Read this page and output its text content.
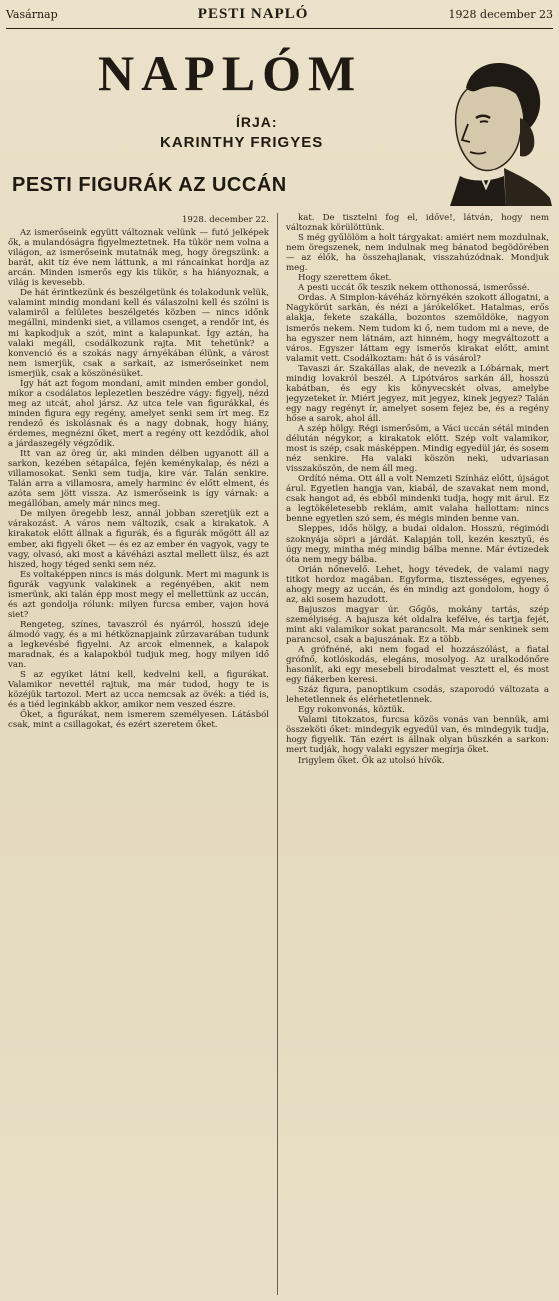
Vasárnap	PESTI NAPLÓ	1928 december 23
NAPLÓM
ÍRJA:
KARINTHY FRIGYES
PESTI FIGURÁK AZ UCCÁN
1928. december 22.

Az ismerőseink együtt változnak velünk — futó jelképek ők, a mulandóságra figyelmeztetnek. Ha tükör nem volna a világon, az ismerőseink mutatnák meg, hogy öregszünk: a barát, akit tíz éve nem láttunk, a mi ráncainkat hordja az arcán. Minden ismerős egy kis tükör, s ha hiányoznak, a világ is kevesebb.

De hát érintkezünk és beszélgetünk és tolakodunk velük, valamint mindig mondani kell és válaszolni kell és szólni is valamiről a felületes beszélgetés közben — nincs időnk megállni, mindenki siet, a villamos csenget, a rendőr int, és mi kapkodjuk a szót, mint a kalapunkat. Így aztán, ha valaki megáll, csodálkozunk rajta. Mit tehetünk? a konvenció és a szokás nagy árnyékában élünk, a várost nem ismerjük, csak a sarkait, az ismerőseinket nem ismerjük, csak a köszönésüket.

Így hát azt fogom mondani, amit minden ember gondol, mikor a csodálatos leplezetlen beszédre vágy: figyelj, nézd meg az utcát, ahol jársz. Az utca tele van figurákkal, és minden figura egy regény, amelyet senki sem írt meg. Ez rendező és iskolásnak és a nagy dobnak, hogy hiány, érdemes, megnézni őket, mert a regény ott kezdődik, ahol a járdaszegély végződik.

Itt van az öreg úr, aki minden délben ugyanott áll a sarkon, kezében sétapálca, fején keménykalap, és nézi a villamosokat. Senki sem tudja, kire vár. Talán senkire. Talán arra a villamosra, amely harminc év előtt elment, és azóta sem jött vissza. Az ismerőseink is így várnak: a megállóban, amely már nincs meg.

De milyen öregebb lesz, annál jobban szeretjük ezt a várakozást. A város nem változik, csak a kirakatok. A kirakatok előtt állnak a figurák, és a figurák mögött áll az ember, aki figyeli őket — és ez az ember én vagyok, vagy te vagy, olvasó, aki most a kávéházi asztal mellett ülsz, és azt hiszed, hogy téged senki sem néz.

Es voltaképpen nincs is más dolgunk. Mert mi magunk is figurák vagyunk valakinek a regényében, akit nem ismerünk, aki talán épp most megy el mellettünk az uccán, és azt gondolja rólunk: milyen furcsa ember, vajon hová siet?

Rengeteg, színes, tavaszról és nyárról, hosszú ideje álmodó vagy, és a mi hétköznapjaink zűrzavarában tudunk a legkevésbé figyelni. Az arcok elmennek, a kalapok maradnak, és a kalapokból tudjuk meg, hogy milyen idő van.

S az egyiket látni kell, kedvelni kell, a figurákat. Valamikor nevettél rajtuk, ma már tudod, hogy te is közéjük tartozol. Mert az ucca nemcsak az övék: a tiéd is, és a tiéd leginkább akkor, amikor nem veszed észre.

Őket, a figurákat, nem ismerem személyesen. Látásból csak, mint a csillagokat, és ezért szeretem őket.

kat. De tisztelni fog el, időve!, látván, hogy nem változnak körülöttünk.

S még gyűlölöm a holt tárgyakat: amiért nem mozdulnak, nem öregszenek, nem indulnak meg bánatod begödörében — az élők, ha összehajlanak, visszahúzódnak. Mondjuk meg.

Hogy szerettem őket.

A pesti uccát ők teszik nekem otthonossá, ismerőssé.

Ordas. A Simplon-kávéház környékén szokott állogatni, a Nagykörút sarkán, és nézi a járókelőket. Hatalmas, erős alakja, fekete szakálla, bozontos szemöldöke, nagyon ismerős nekem. Nem tudom ki ő, nem tudom mi a neve, de ha egyszer nem látnám, azt hinném, hogy megváltozott a város. Egyszer láttam egy ismerős kirakat előtt, amint valamit vett. Csodálkoztam: hát ő is vásárol?

Tavaszi ár. Szakállas alak, de nevezik a Lóbárnak, mert mindig lovakról beszél. A Lipótváros sarkán áll, hosszú kabátban, és egy kis könyvecskét olvas, amelybe jegyzeteket ír. Miért jegyez, mit jegyez, kinek jegyez? Talán egy nagy regényt ír, amelyet sosem fejez be, és a regény hőse a sarok, ahol áll.

A szép hölgy. Régi ismerősöm, a Váci uccán sétál minden délután négykor, a kirakatok előtt. Szép volt valamikor, most is szép, csak másképpen. Mindig egyedül jár, és sosem néz senkire. Ha valaki köszön neki, udvariasan visszaköszön, de nem áll meg.

Ordító néma. Ott áll a volt Nemzeti Színház előtt, újságot árul. Egyetlen hangja van, kiabál, de szavakat nem mond, csak hangot ad, és ebből mindenki tudja, hogy mit árul. Ez a legtökéletesebb reklám, amit valaha hallottam: nincs benne egyetlen szó sem, és mégis minden benne van.

Sleppes, idős hölgy, a budai oldalon. Hosszú, régimódi szoknyája söpri a járdát. Kalapján toll, kezén kesztyű, és úgy megy, mintha még mindig bálba menne. Már évtizedek óta nem megy bálba.

Orián nőnevelő. Lehet, hogy tévedek, de valami nagy titkot hordoz magában. Egyforma, tisztességes, egyenes, ahogy megy az uccán, és én mindig azt gondolom, hogy ő az, aki sosem hazudott.

Bajuszos magyar úr. Gőgös, mokány tartás, szép személyiség. A bajusza két oldalra kefélve, és tartja fejét, mint aki valamikor sokat parancsolt. Ma már senkinek sem parancsol, csak a bajuszának. Ez a több.

A grófnéné, aki nem fogad el hozzászólást, a fiatal grófnő, kotlóskodás, elegáns, mosolyog. Az uralkodónőre hasonlít, aki egy mesebeli birodalmat vesztett el, és most egy fiákerben keresi.

Száz figura, panoptikum csodás, szaporodó változata a lehetetlennek és elérhetetlennek.

Egy rokonvonás, köztük.

Valami titokzatos, furcsa közös vonás van bennük, ami összeköti őket: mindegyik egyedül van, és mindegyik tudja, hogy figyelik. Tán ezért is állnak olyan büszkén a sarkon: mert tudják, hogy valaki egyszer megírja őket.

Irigylem őket. Ők az utolsó hívők.
